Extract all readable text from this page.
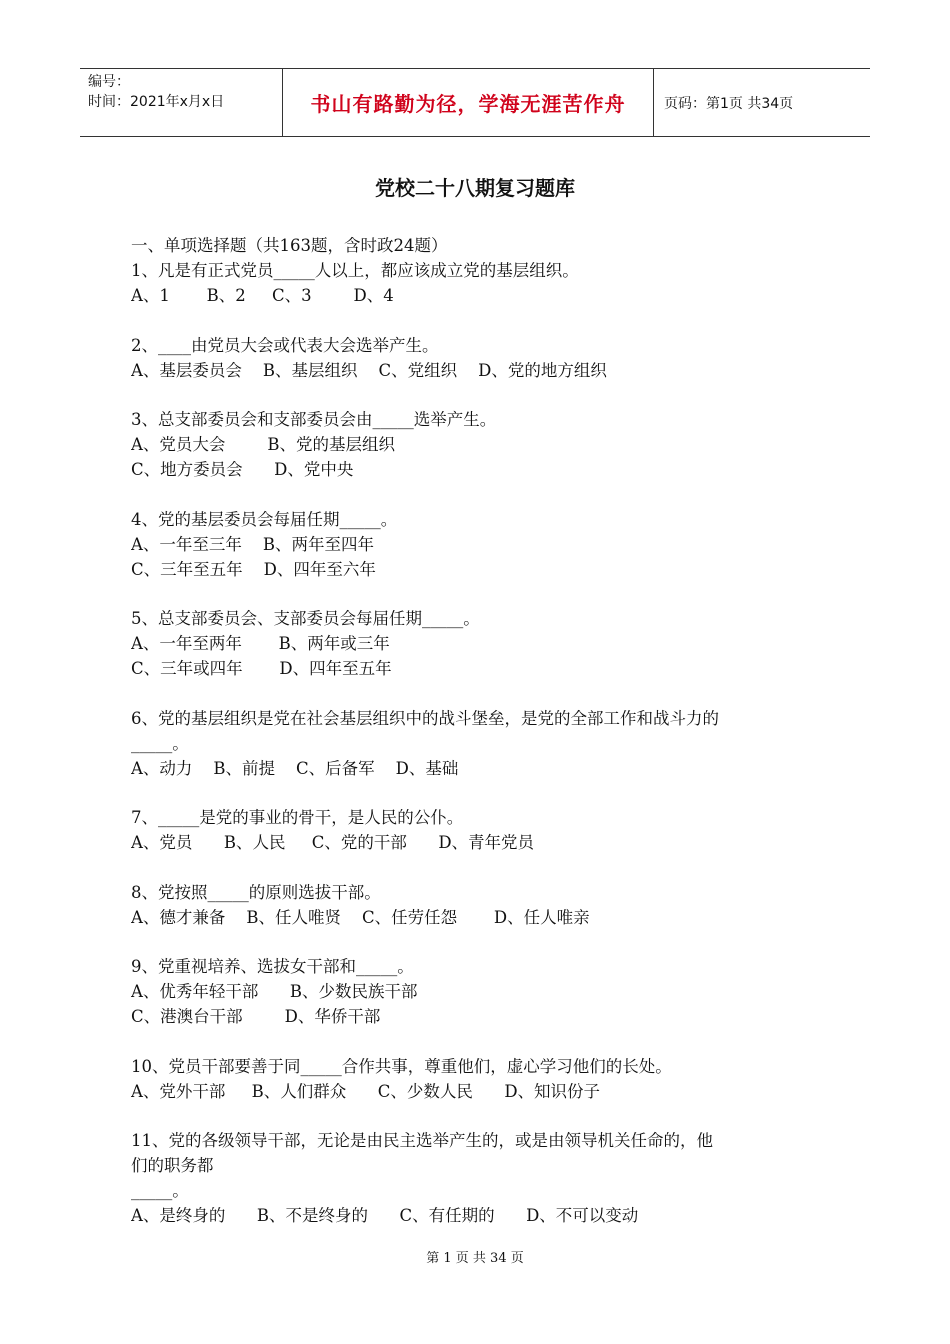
编号：
时间：2021年x月x日	书山有路勤为径，学海无涯苦作舟	页码：第1页 共34页
党校二十八期复习题库
一、单项选择题（共163题，含时政24题）
1、凡是有正式党员_____人以上，都应该成立党的基层组织。
A、1       B、2     C、3        D、4
2、____由党员大会或代表大会选举产生。
A、基层委员会    B、基层组织    C、党组织    D、党的地方组织
3、总支部委员会和支部委员会由_____选举产生。
A、党员大会        B、党的基层组织
C、地方委员会      D、党中央
4、党的基层委员会每届任期_____。
A、一年至三年    B、两年至四年
C、三年至五年    D、四年至六年
5、总支部委员会、支部委员会每届任期_____。
A、一年至两年       B、两年或三年
C、三年或四年       D、四年至五年
6、党的基层组织是党在社会基层组织中的战斗堡垒，是党的全部工作和战斗力的
_____。
A、动力    B、前提    C、后备军    D、基础
7、_____是党的事业的骨干，是人民的公仆。
A、党员      B、人民     C、党的干部      D、青年党员
8、党按照_____的原则选拔干部。
A、德才兼备    B、任人唯贤    C、任劳任怨       D、任人唯亲
9、党重视培养、选拔女干部和_____。
A、优秀年轻干部      B、少数民族干部
C、港澳台干部        D、华侨干部
10、党员干部要善于同_____合作共事，尊重他们，虚心学习他们的长处。
A、党外干部     B、人们群众      C、少数人民      D、知识份子
11、党的各级领导干部，无论是由民主选举产生的，或是由领导机关任命的，他
们的职务都
_____。
A、是终身的      B、不是终身的      C、有任期的      D、不可以变动
第 1 页 共 34 页
